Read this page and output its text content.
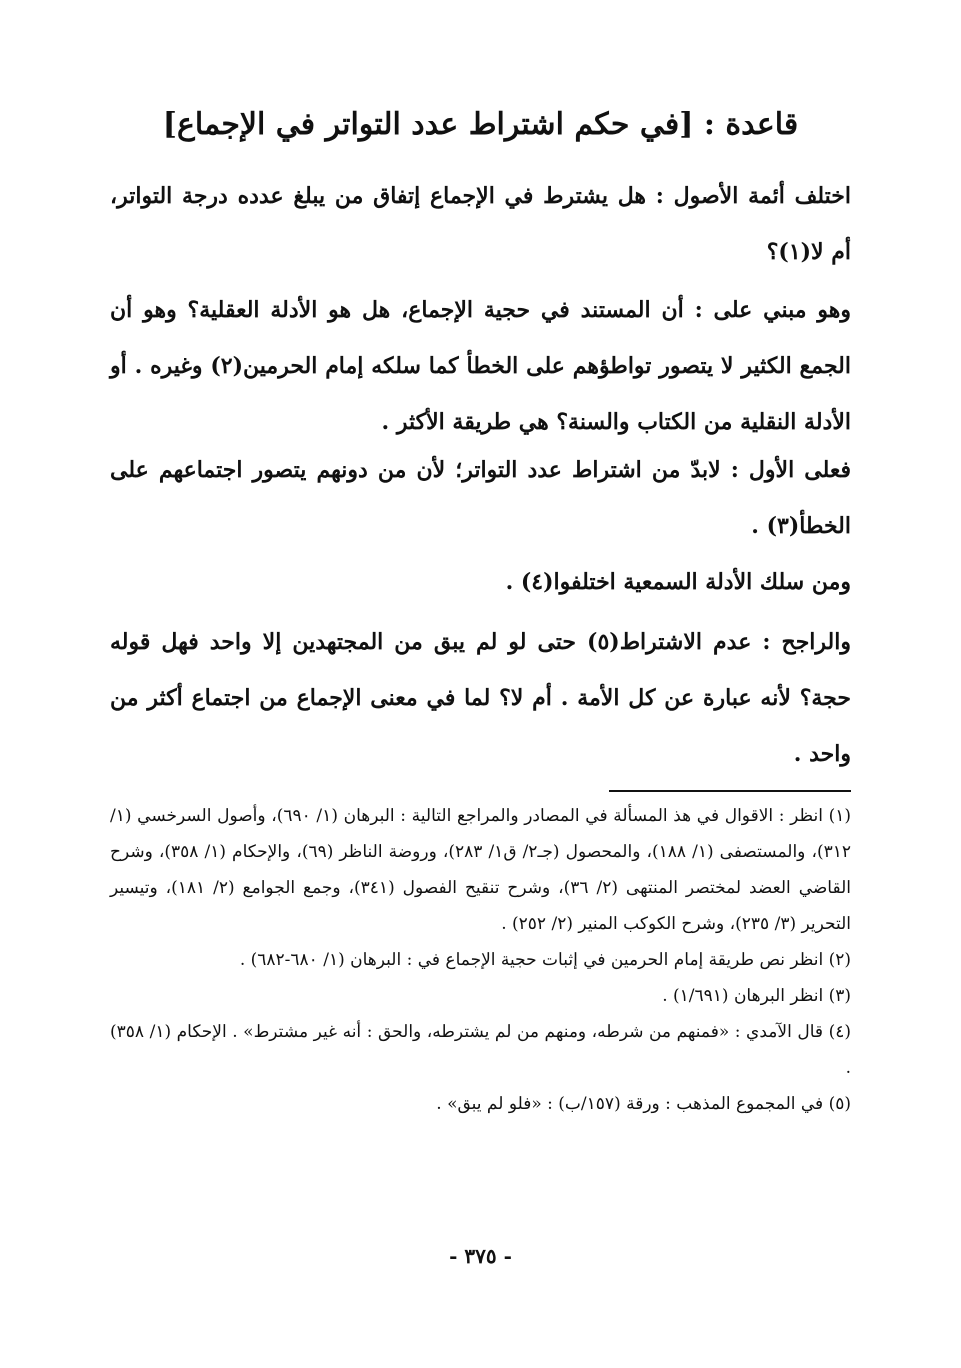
قاعدة : [في حكم اشتراط عدد التواتر في الإجماع]

اختلف أئمة الأصول : هل يشترط في الإجماع إتفاق من يبلغ عدده درجة التواتر، أم لا(١)؟

وهو مبني على : أن المستند في حجية الإجماع، هل هو الأدلة العقلية؟ وهو أن الجمع الكثير لا يتصور تواطؤهم على الخطأ كما سلكه إمام الحرمين(٢) وغيره . أو الأدلة النقلية من الكتاب والسنة؟ هي طريقة الأكثر .

فعلى الأول : لابدّ من اشتراط عدد التواتر؛ لأن من دونهم يتصور اجتماعهم على الخطأ(٣) .

ومن سلك الأدلة السمعية اختلفوا(٤) .

والراجح : عدم الاشتراط(٥) حتى لو لم يبق من المجتهدين إلا واحد فهل قوله حجة؟ لأنه عبارة عن كل الأمة . أم لا؟ لما في معنى الإجماع من اجتماع أكثر من واحد .

(١) انظر : الاقوال في هذ المسألة في المصادر والمراجع التالية : البرهان (١/ ٦٩٠)، وأصول السرخسي (١/ ٣١٢)، والمستصفى (١/ ١٨٨)، والمحصول (جـ٢/ ق١/ ٢٨٣)، وروضة الناظر (٦٩)، والإحكام (١/ ٣٥٨)، وشرح القاضي العضد لمختصر المنتهى (٢/ ٣٦)، وشرح تنقيح الفصول (٣٤١)، وجمع الجوامع (٢/ ١٨١)، وتيسير التحرير (٣/ ٢٣٥)، وشرح الكوكب المنير (٢/ ٢٥٢) .

(٢) انظر نص طريقة إمام الحرمين في إثبات حجية الإجماع في : البرهان (١/ ٦٨٠-٦٨٢) .

(٣) انظر البرهان (١/٦٩١) .

(٤) قال الآمدي : «فمنهم من شرطه، ومنهم من لم يشترطه، والحق : أنه غير مشترط» . الإحكام (١/ ٣٥٨) .

(٥) في المجموع المذهب : ورقة (١٥٧/ب) : «فلو لم يبق» .

- ٣٧٥ -
